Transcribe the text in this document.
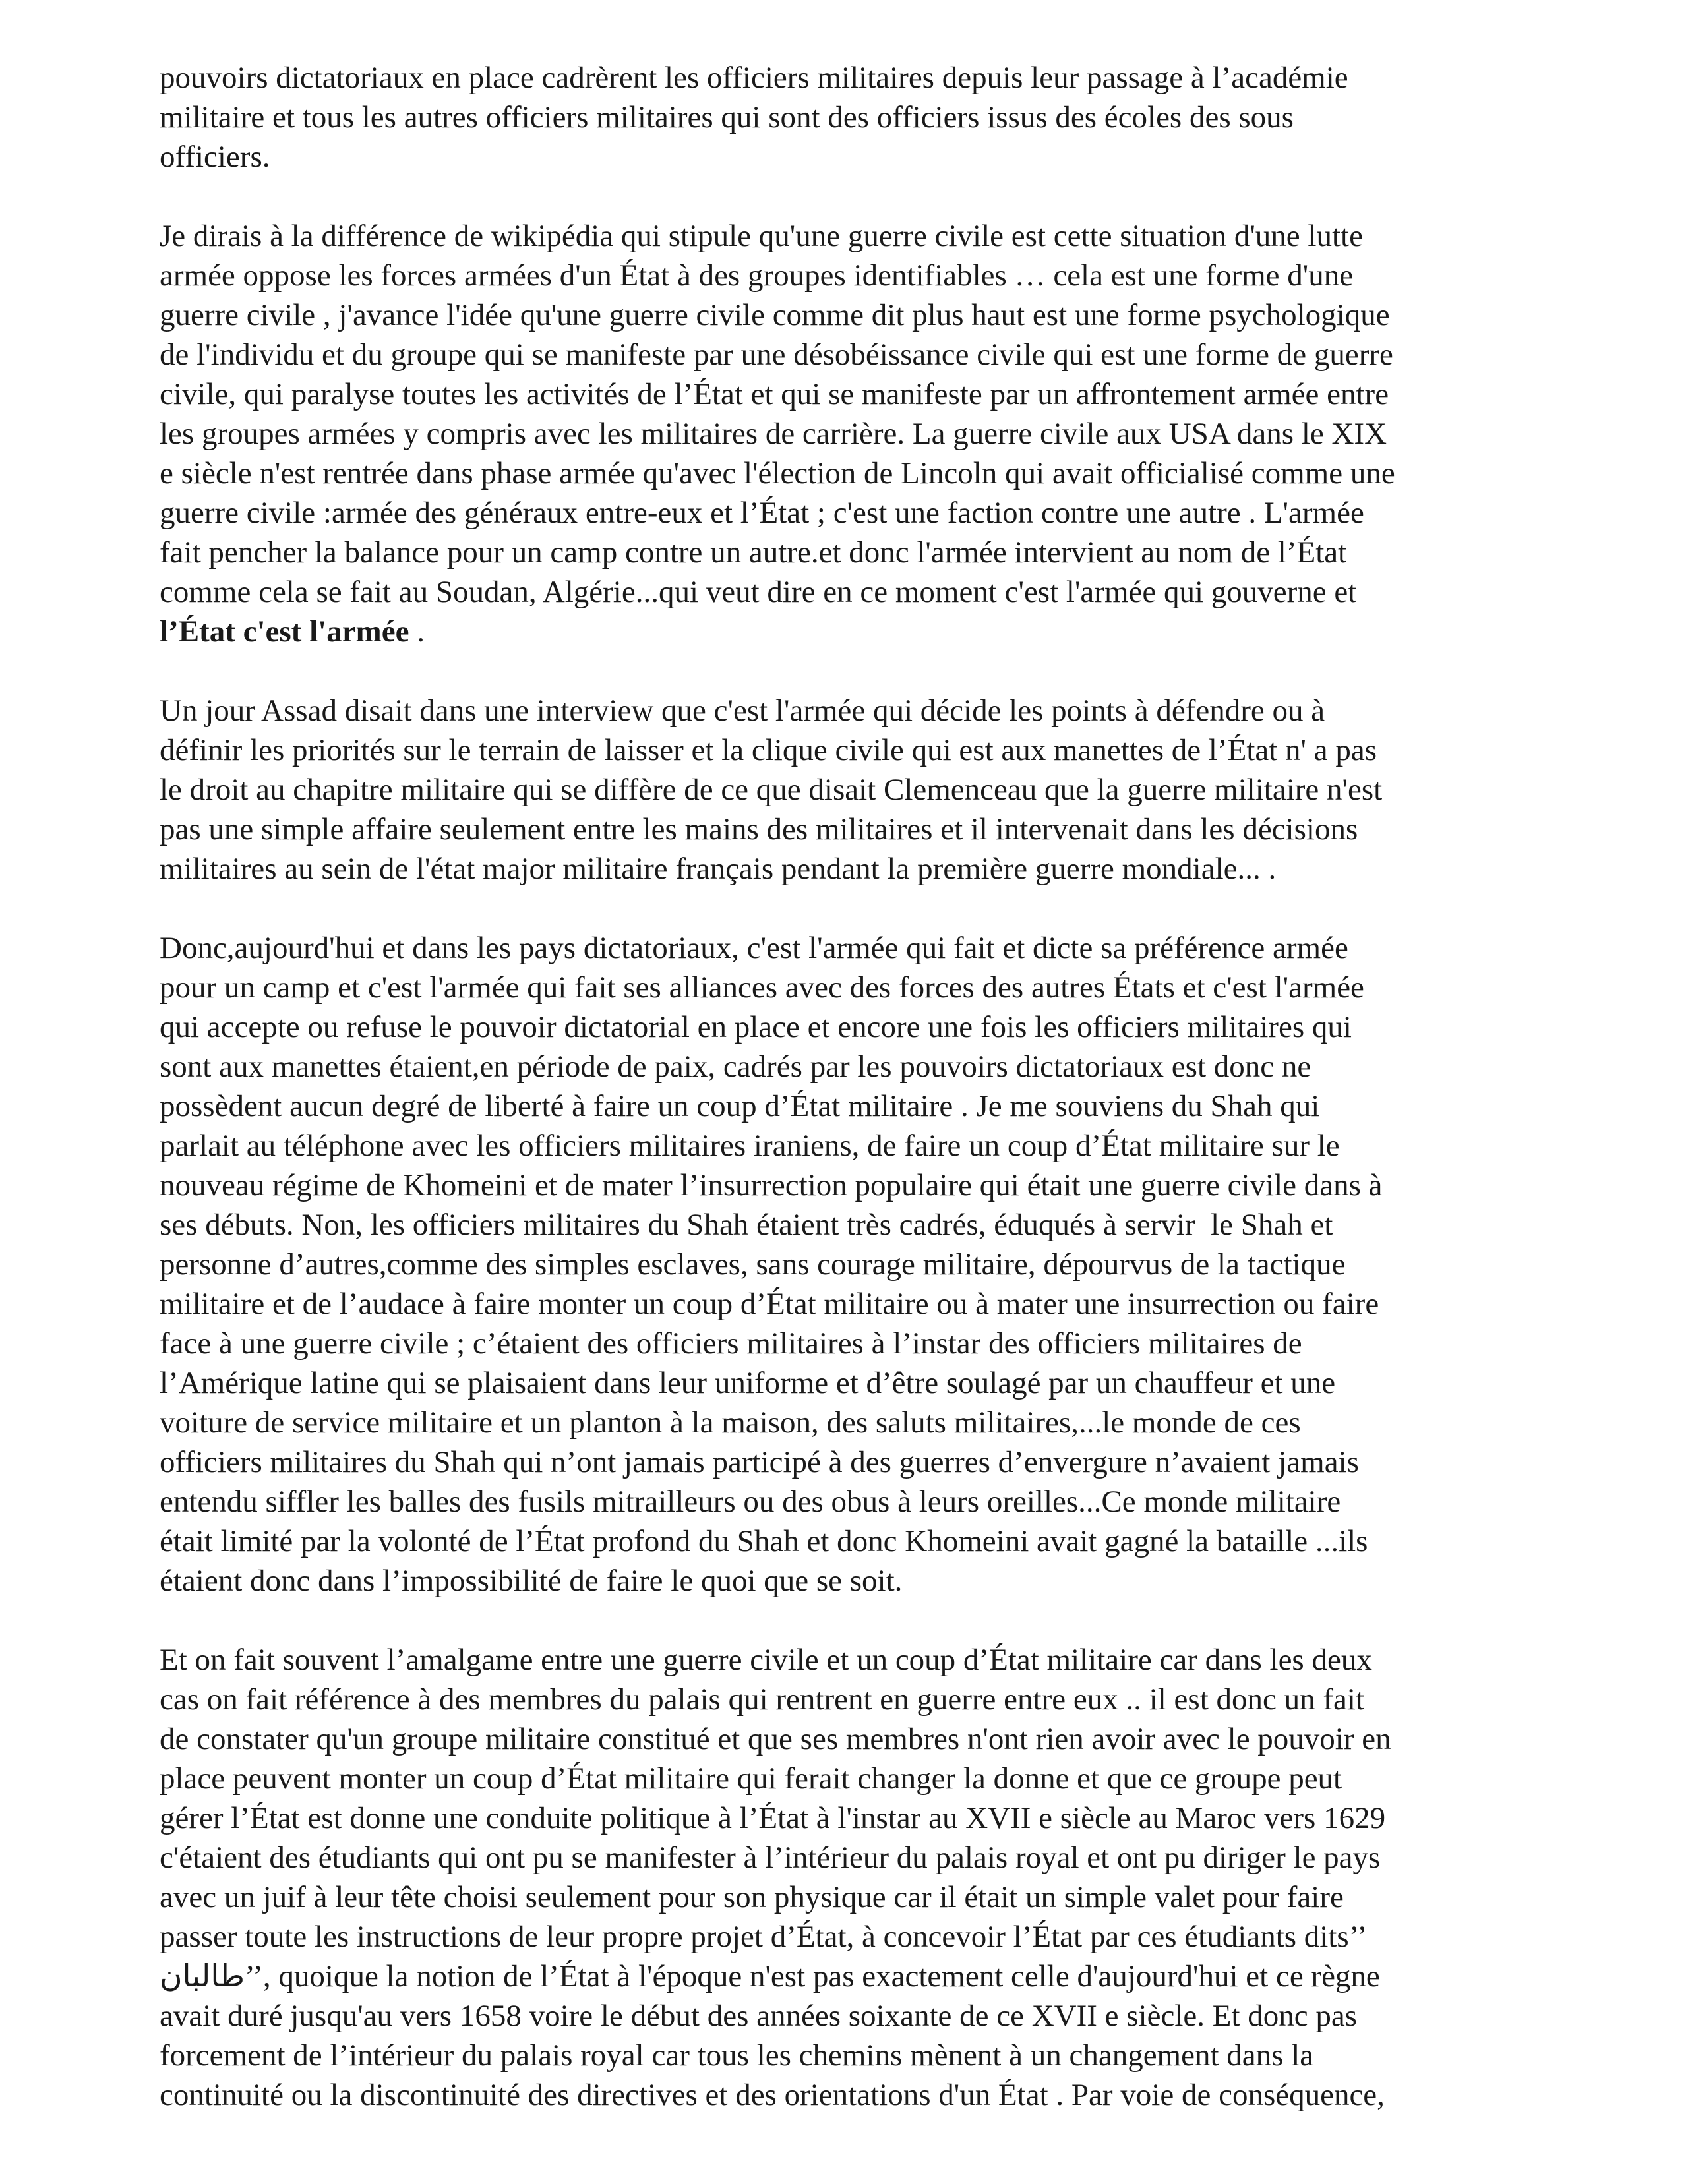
pouvoirs dictatoriaux en place cadrèrent les officiers militaires depuis leur passage à l’académie
militaire et tous les autres officiers militaires qui sont des officiers issus des écoles des sous
officiers.
Je dirais à la différence de wikipédia qui stipule qu'une guerre civile est cette situation d'une lutte
armée oppose les forces armées d'un État à des groupes identifiables … cela est une forme d'une
guerre civile , j'avance l'idée qu'une guerre civile comme dit plus haut est une forme psychologique
de l'individu et du groupe qui se manifeste par une désobéissance civile qui est une forme de guerre
civile, qui paralyse toutes les activités de l’État et qui se manifeste par un affrontement armée entre
les groupes armées y compris avec les militaires de carrière. La guerre civile aux USA dans le XIX
e siècle n'est rentrée dans phase armée qu'avec l'élection de Lincoln qui avait officialisé comme une
guerre civile :armée des généraux entre-eux et l’État ; c'est une faction contre une autre . L'armée
fait pencher la balance pour un camp contre un autre.et donc l'armée intervient au nom de l’État
comme cela se fait au Soudan, Algérie...qui veut dire en ce moment c'est l'armée qui gouverne et
l’État c'est l'armée .
Un jour Assad disait dans une interview que c'est l'armée qui décide les points à défendre ou à
définir les priorités sur le terrain de laisser et la clique civile qui est aux manettes de l’État n' a pas
le droit au chapitre militaire qui se diffère de ce que disait Clemenceau que la guerre militaire n'est
pas une simple affaire seulement entre les mains des militaires et il intervenait dans les décisions
militaires au sein de l'état major militaire français pendant la première guerre mondiale... .
Donc,aujourd'hui et dans les pays dictatoriaux, c'est l'armée qui fait et dicte sa préférence armée
pour un camp et c'est l'armée qui fait ses alliances avec des forces des autres États et c'est l'armée
qui accepte ou refuse le pouvoir dictatorial en place et encore une fois les officiers militaires qui
sont aux manettes étaient,en période de paix, cadrés par les pouvoirs dictatoriaux est donc ne
possèdent aucun degré de liberté à faire un coup d’État militaire . Je me souviens du Shah qui
parlait au téléphone avec les officiers militaires iraniens, de faire un coup d’État militaire sur le
nouveau régime de Khomeini et de mater l’insurrection populaire qui était une guerre civile dans à
ses débuts. Non, les officiers militaires du Shah étaient très cadrés, éduqués à servir  le Shah et
personne d’autres,comme des simples esclaves, sans courage militaire, dépourvus de la tactique
militaire et de l’audace à faire monter un coup d’État militaire ou à mater une insurrection ou faire
face à une guerre civile ; c’étaient des officiers militaires à l’instar des officiers militaires de
l’Amérique latine qui se plaisaient dans leur uniforme et d’être soulagé par un chauffeur et une
voiture de service militaire et un planton à la maison, des saluts militaires,...le monde de ces
officiers militaires du Shah qui n’ont jamais participé à des guerres d’envergure n’avaient jamais
entendu siffler les balles des fusils mitrailleurs ou des obus à leurs oreilles...Ce monde militaire
était limité par la volonté de l’État profond du Shah et donc Khomeini avait gagné la bataille ...ils
étaient donc dans l’impossibilité de faire le quoi que se soit.
Et on fait souvent l’amalgame entre une guerre civile et un coup d’État militaire car dans les deux
cas on fait référence à des membres du palais qui rentrent en guerre entre eux .. il est donc un fait
de constater qu'un groupe militaire constitué et que ses membres n'ont rien avoir avec le pouvoir en
place peuvent monter un coup d’État militaire qui ferait changer la donne et que ce groupe peut
gérer l’État est donne une conduite politique à l’État à l'instar au XVII e siècle au Maroc vers 1629
c'étaient des étudiants qui ont pu se manifester à l’intérieur du palais royal et ont pu diriger le pays
avec un juif à leur tête choisi seulement pour son physique car il était un simple valet pour faire
passer toute les instructions de leur propre projet d’État, à concevoir l’État par ces étudiants dits’’
طالبان’’, quoique la notion de l’État à l'époque n'est pas exactement celle d'aujourd'hui et ce règne
avait duré jusqu'au vers 1658 voire le début des années soixante de ce XVII e siècle. Et donc pas
forcement de l’intérieur du palais royal car tous les chemins mènent à un changement dans la
continuité ou la discontinuité des directives et des orientations d'un État . Par voie de conséquence,
